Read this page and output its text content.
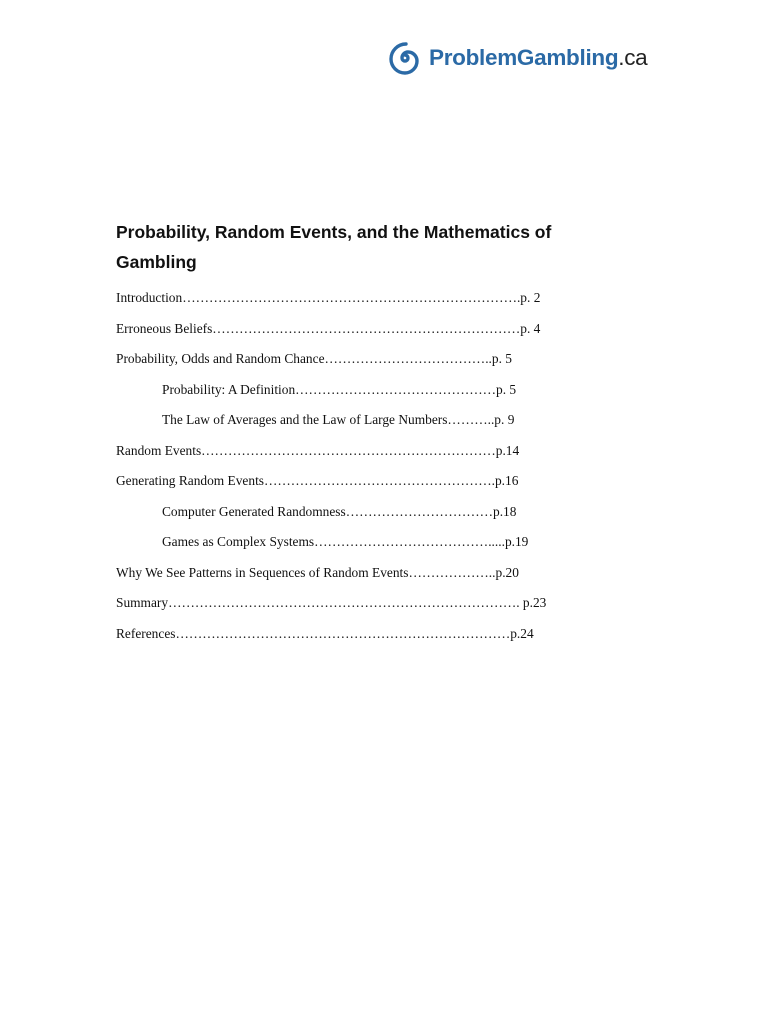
ProblemGambling.ca
Probability, Random Events, and the Mathematics of Gambling
Introduction………………………………………………………………….p. 2
Erroneous Beliefs……………………………………………………………p. 4
Probability, Odds and Random Chance………………………………..p. 5
Probability: A Definition………………………………………p. 5
The Law of Averages and the Law of Large Numbers………..p. 9
Random Events…………………………………………………………p.14
Generating Random Events…………………………………………….p.16
Computer Generated Randomness……………………………p.18
Games as Complex Systems………………………………….....p.19
Why We See Patterns in Sequences of Random Events………………..p.20
Summary……………………………………………………………………. p.23
References…………………………………………………………………p.24
